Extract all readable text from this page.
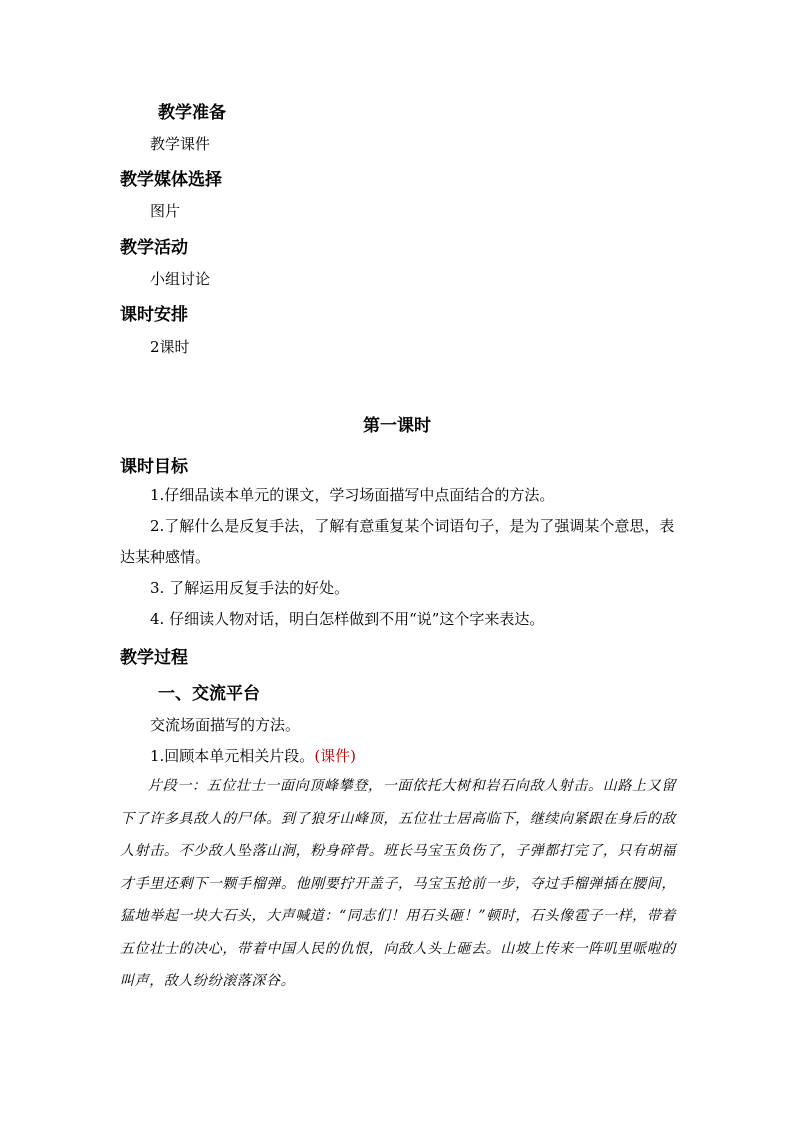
教学准备
教学课件
教学媒体选择
图片
教学活动
小组讨论
课时安排
2课时
第一课时
课时目标
1.仔细品读本单元的课文，学习场面描写中点面结合的方法。
2.了解什么是反复手法，了解有意重复某个词语句子，是为了强调某个意思，表达某种感情。
3. 了解运用反复手法的好处。
4. 仔细读人物对话，明白怎样做到不用“说”这个字来表达。
教学过程
一、交流平台
交流场面描写的方法。
1.回顾本单元相关片段。(课件)
片段一：五位壮士一面向顶峰攀登，一面依托大树和岩石向敌人射击。山路上又留下了许多具敌人的尸体。到了狼牙山峰顶，五位壮士居高临下，继续向紧跟在身后的敌人射击。不少敌人坠落山涧，粉身碎骨。班长马宝玉负伤了，子弹都打完了，只有胡福才手里还剩下一颗手榴弹。他刚要拧开盖子，马宝玉抢前一步，夺过手榴弹插在腰间，猛地举起一块大石头，大声喊道：“同志们！用石头砸！”顿时，石头像雹子一样，带着五位壮士的决心，带着中国人民的仇恨，向敌人头上砸去。山坡上传来一阵叽里哌啦的叫声，敌人纷纷滚落深谷。
